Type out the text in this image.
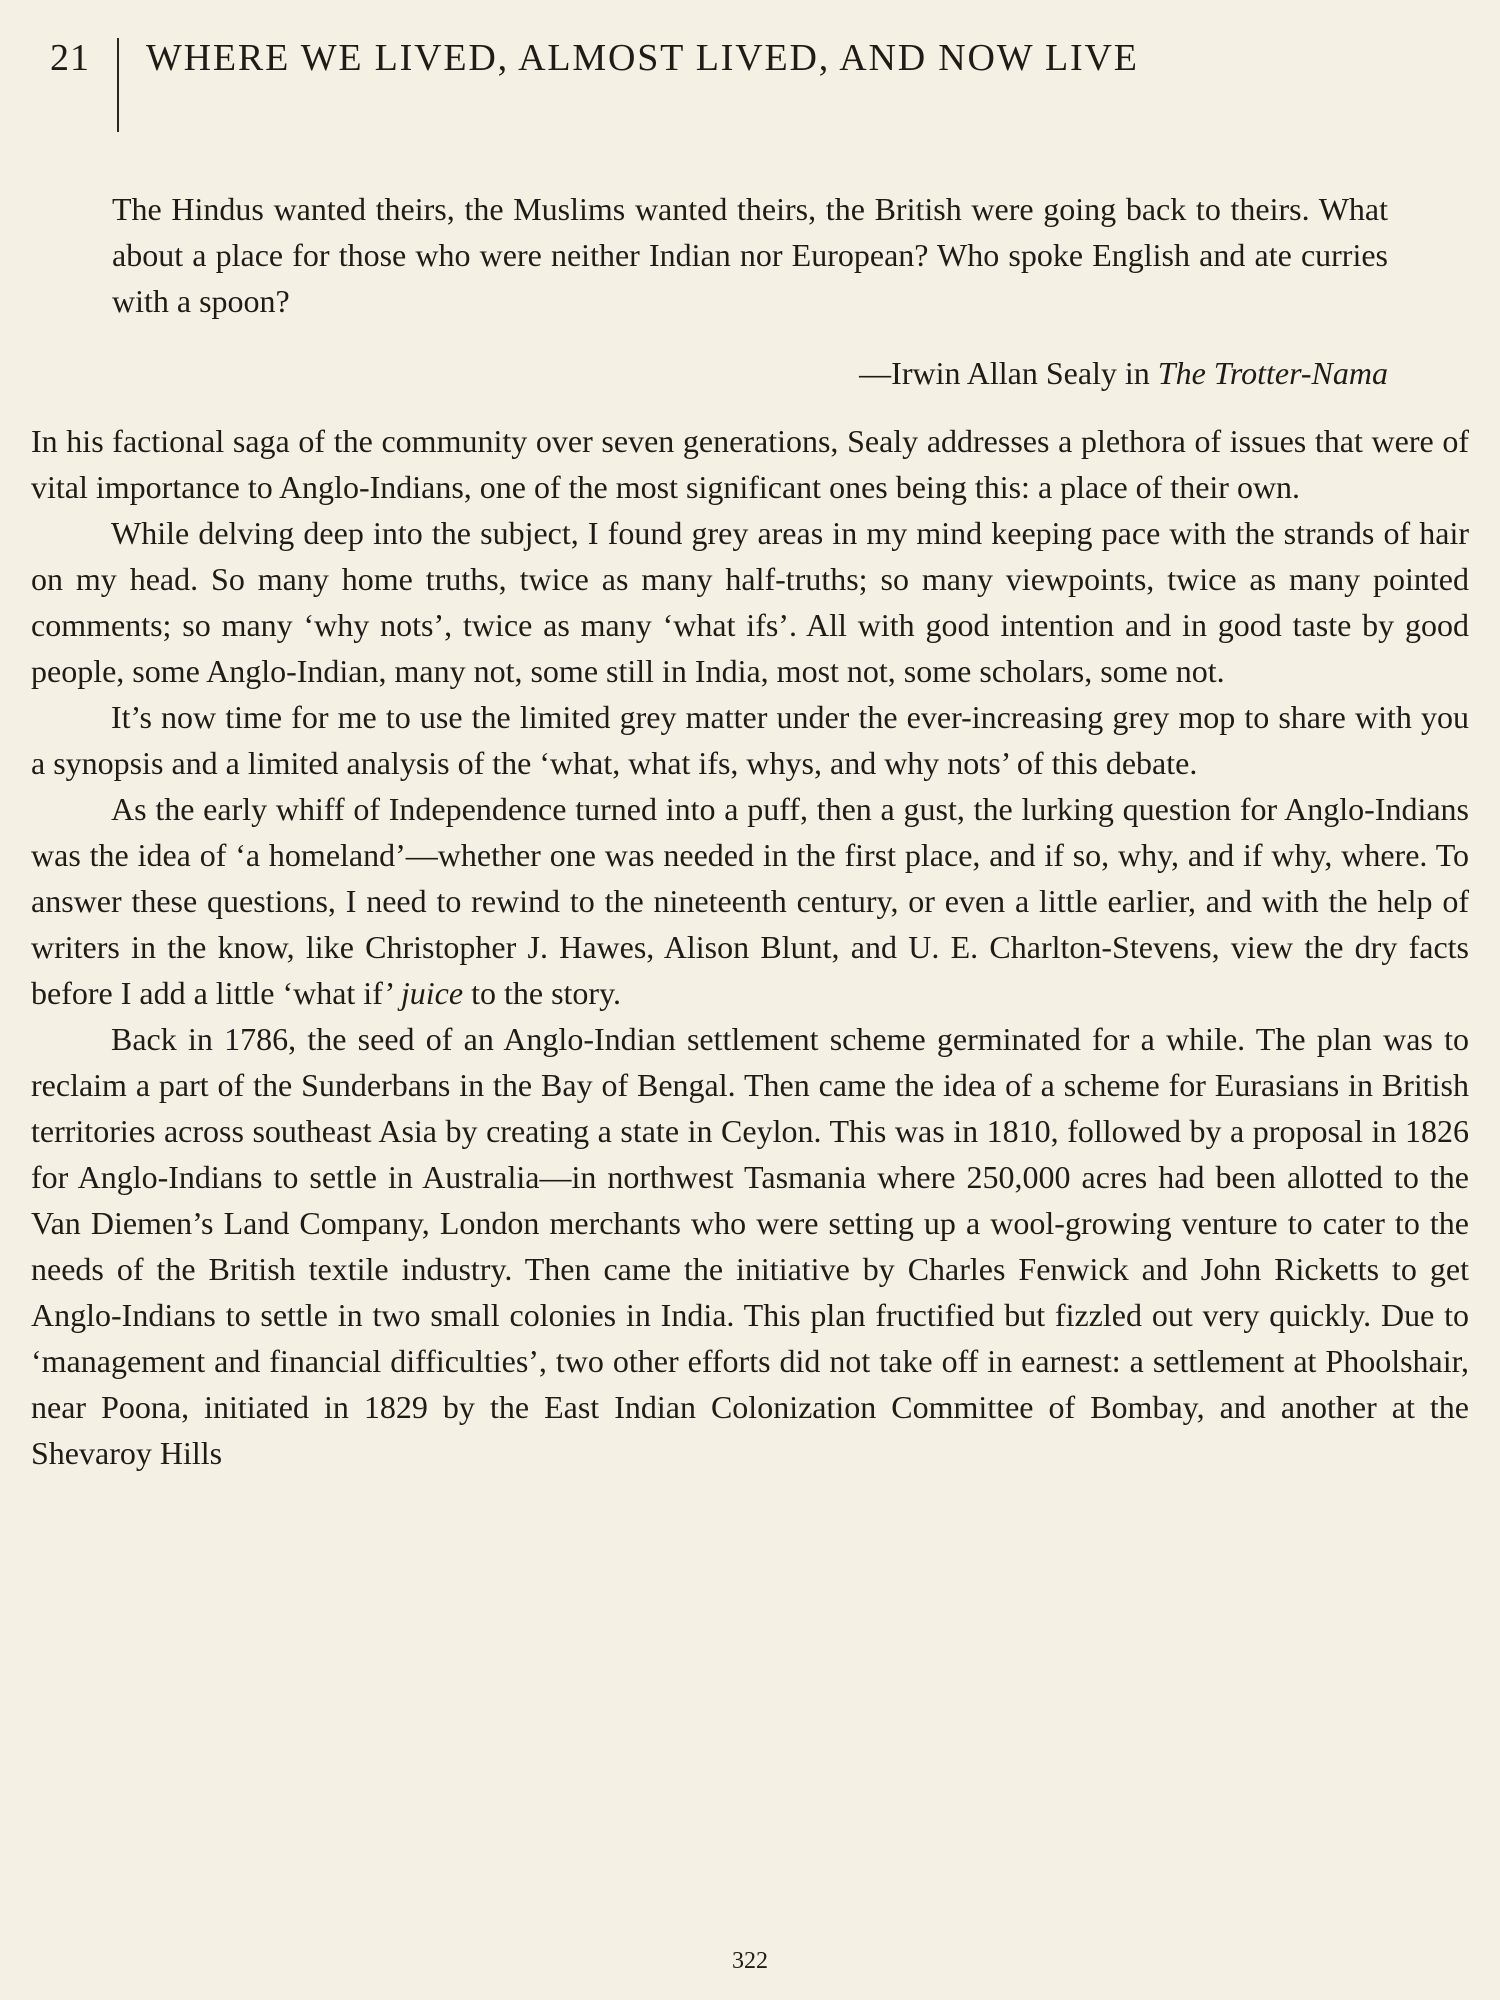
21 WHERE WE LIVED, ALMOST LIVED, AND NOW LIVE

The Hindus wanted theirs, the Muslims wanted theirs, the British were going back to theirs. What about a place for those who were neither Indian nor European? Who spoke English and ate curries with a spoon?

—Irwin Allan Sealy in The Trotter-Nama

In his factional saga of the community over seven generations, Sealy addresses a plethora of issues that were of vital importance to Anglo-Indians, one of the most significant ones being this: a place of their own.

While delving deep into the subject, I found grey areas in my mind keeping pace with the strands of hair on my head. So many home truths, twice as many half-truths; so many viewpoints, twice as many pointed comments; so many ‘why nots’, twice as many ‘what ifs’. All with good intention and in good taste by good people, some Anglo-Indian, many not, some still in India, most not, some scholars, some not.

It’s now time for me to use the limited grey matter under the ever-increasing grey mop to share with you a synopsis and a limited analysis of the ‘what, what ifs, whys, and why nots’ of this debate.

As the early whiff of Independence turned into a puff, then a gust, the lurking question for Anglo-Indians was the idea of ‘a homeland’—whether one was needed in the first place, and if so, why, and if why, where. To answer these questions, I need to rewind to the nineteenth century, or even a little earlier, and with the help of writers in the know, like Christopher J. Hawes, Alison Blunt, and U. E. Charlton-Stevens, view the dry facts before I add a little ‘what if’ juice to the story.

Back in 1786, the seed of an Anglo-Indian settlement scheme germinated for a while. The plan was to reclaim a part of the Sunderbans in the Bay of Bengal. Then came the idea of a scheme for Eurasians in British territories across southeast Asia by creating a state in Ceylon. This was in 1810, followed by a proposal in 1826 for Anglo-Indians to settle in Australia—in northwest Tasmania where 250,000 acres had been allotted to the Van Diemen’s Land Company, London merchants who were setting up a wool-growing venture to cater to the needs of the British textile industry. Then came the initiative by Charles Fenwick and John Ricketts to get Anglo-Indians to settle in two small colonies in India. This plan fructified but fizzled out very quickly. Due to ‘management and financial difficulties’, two other efforts did not take off in earnest: a settlement at Phoolshair, near Poona, initiated in 1829 by the East Indian Colonization Committee of Bombay, and another at the Shevaroy Hills

322
